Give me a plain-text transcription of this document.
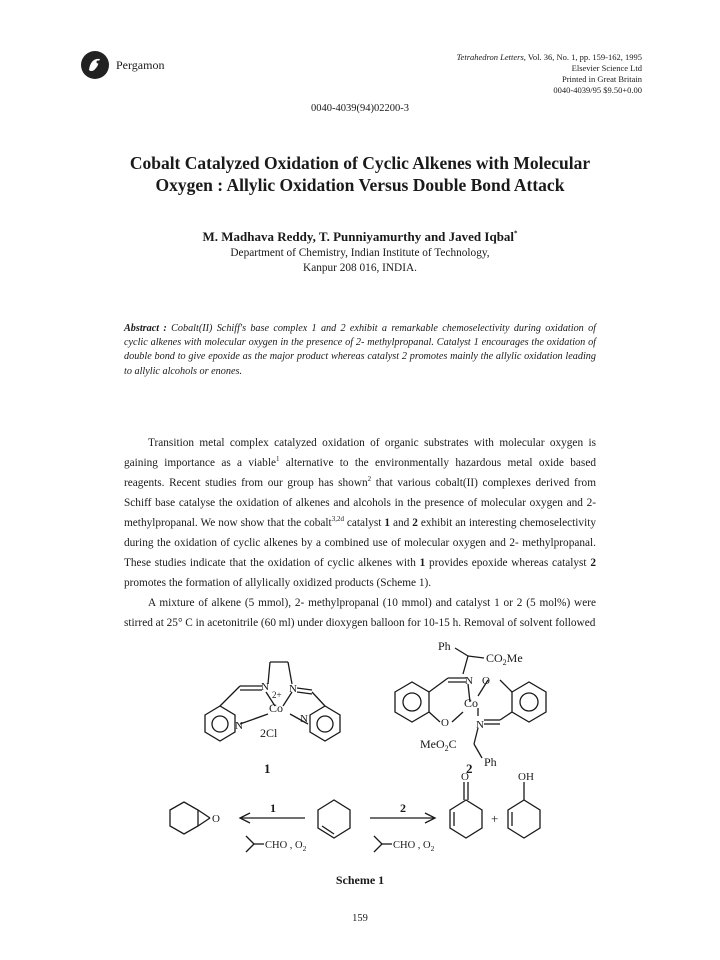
Pergamon
Tetrahedron Letters, Vol. 36, No. 1, pp. 159-162, 1995
Elsevier Science Ltd
Printed in Great Britain
0040-4039/95 $9.50+0.00
0040-4039(94)02200-3
Cobalt Catalyzed Oxidation of Cyclic Alkenes with Molecular
Oxygen : Allylic Oxidation Versus Double Bond Attack
M. Madhava Reddy, T. Punniyamurthy and Javed Iqbal*
Department of Chemistry, Indian Institute of Technology,
Kanpur 208 016, INDIA.
Abstract : Cobalt(II) Schiff's base complex 1 and 2 exhibit a remarkable chemoselectivity during oxidation of cyclic alkenes with molecular oxygen in the presence of 2- methylpropanal. Catalyst 1 encourages the oxidation of double bond to give epoxide as the major product whereas catalyst 2 promotes mainly the allylic oxidation leading to allylic alcohols or enones.

Transition metal complex catalyzed oxidation of organic substrates with molecular oxygen is gaining importance as a viable$^1$ alternative to the environmentally hazardous metal oxide based reagents. Recent studies from our group has shown$^2$ that various cobalt(II) complexes derived from Schiff base catalyse the oxidation of alkenes and alcohols in the presence of molecular oxygen and 2- methylpropanal. We now show that the cobalt$^{3,2d}$ catalyst 1 and 2 exhibit an interesting chemoselectivity during the oxidation of cyclic alkenes by a combined use of molecular oxygen and 2- methylpropanal. These studies indicate that the oxidation of cyclic alkenes with 1 provides epoxide whereas catalyst 2 promotes the formation of allylically oxidized products (Scheme 1).

A mixture of alkene (5 mmol), 2- methylpropanal (10 mmol) and catalyst 1 or 2 (5 mol%) were stirred at 25° C in acetonitrile (60 ml) under dioxygen balloon for 10-15 h. Removal of solvent followed

2+
Co
2Cl
N N
N
N
1
Ph
$CO_2Me$
N
Co
N
O
O
MeO$_2$C
Ph
2
O
1	2
CHO , $O_2$	CHO , $O_2$
+
O	OH
Scheme 1
159
